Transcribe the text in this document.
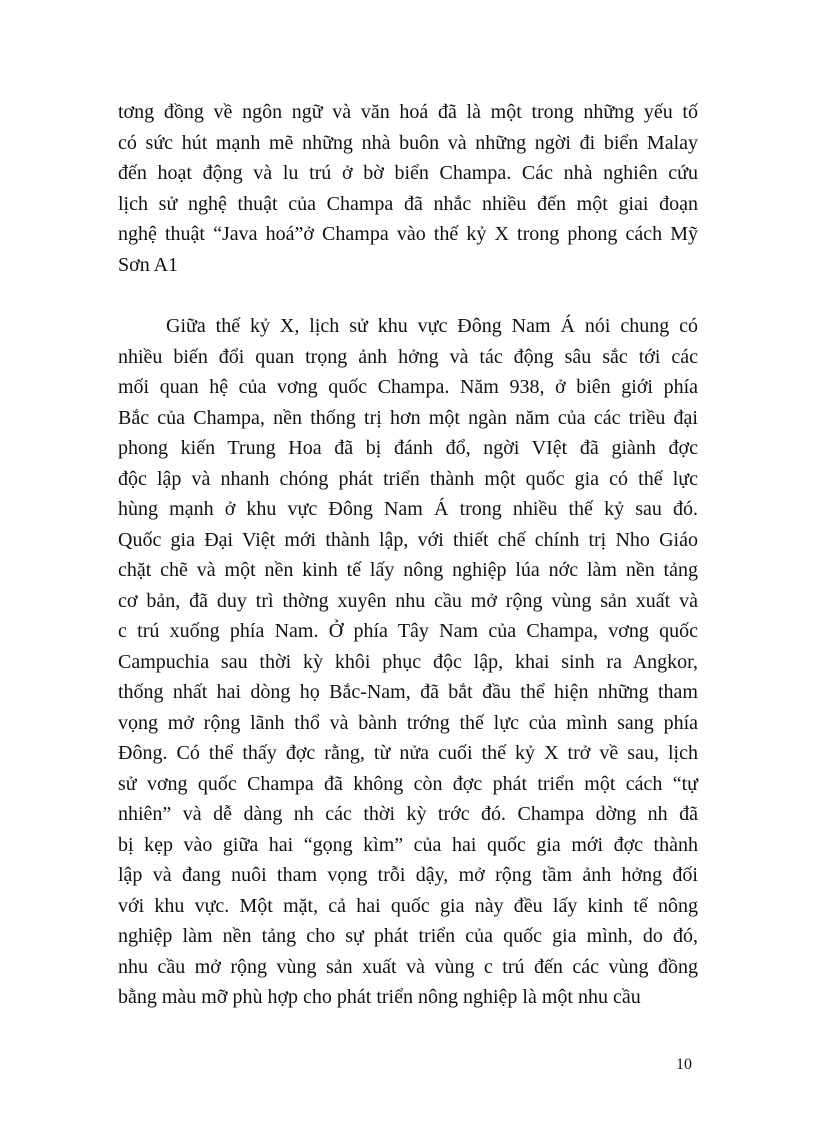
tơng đồng về ngôn ngữ và văn hoá đã là một trong những yếu tố
có sức hút mạnh mẽ những nhà buôn và những ngời đi biển Malay
đến hoạt động và lu trú ở bờ biển Champa. Các nhà nghiên cứu
lịch sử nghệ thuật của Champa đã nhắc nhiều đến một giai đoạn
nghệ thuật “Java hoá”ở Champa vào thế kỷ X trong phong cách Mỹ
Sơn A1
Giữa thế kỷ X, lịch sử khu vực Đông Nam Á nói chung có
nhiều biến đổi quan trọng ảnh hởng và tác động sâu sắc tới các
mối quan hệ của vơng quốc Champa. Năm 938, ở biên giới phía
Bắc của Champa, nền thống trị hơn một ngàn năm của các triều đại
phong kiến Trung Hoa đã bị đánh đổ, ngời VIệt đã giành đợc
độc lập và nhanh chóng phát triển thành một quốc gia có thế lực
hùng mạnh ở khu vực Đông Nam Á trong nhiều thế kỷ sau đó.
Quốc gia Đại Việt mới thành lập, với thiết chế chính trị Nho Giáo
chặt chẽ và một nền kinh tế lấy nông nghiệp lúa nớc làm nền tảng
cơ bản, đã duy trì thờng xuyên nhu cầu mở rộng vùng sản xuất và
c trú xuống phía Nam. Ở phía Tây Nam của Champa, vơng quốc
Campuchia sau thời kỳ khôi phục độc lập, khai sinh ra Angkor,
thống nhất hai dòng họ Bắc-Nam, đã bắt đầu thể hiện những tham
vọng mở rộng lãnh thổ và bành trớng thế lực của mình sang phía
Đông. Có thể thấy đợc rằng, từ nửa cuối thế kỷ X trở về sau, lịch
sử vơng quốc Champa đã không còn đợc phát triển một cách “tự
nhiên” và dễ dàng nh các thời kỳ trớc đó. Champa dờng nh đã
bị kẹp vào giữa hai “gọng kìm” của hai quốc gia mới đợc thành
lập và đang nuôi tham vọng trỗi dậy, mở rộng tầm ảnh hởng đối
với khu vực. Một mặt, cả hai quốc gia này đều lấy kinh tế nông
nghiệp làm nền tảng cho sự phát triển của quốc gia mình, do đó,
nhu cầu mở rộng vùng sản xuất và vùng c trú đến các vùng đồng
bằng màu mỡ phù hợp cho phát triển nông nghiệp là một nhu cầu
10
